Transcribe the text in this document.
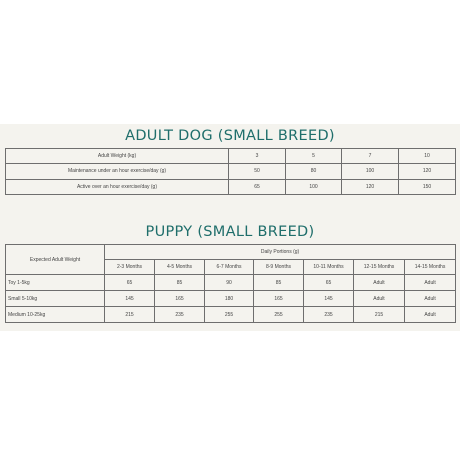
ADULT DOG (SMALL BREED)
Adult Weight (kg)	3	5	7	10
Maintenance under an hour exercise/day (g)	50	80	100	120
Active over an hour exercise/day (g)	65	100	120	150
PUPPY (SMALL BREED)
Expected Adult Weight	Daily Portions (g)						
	2-3 Months	4-5 Months	6-7 Months	8-9 Months	10-11 Months	12-15 Months	14-15 Months
Toy 1-5kg	65	85	90	85	65	Adult	Adult
Small 5-10kg	145	165	180	165	145	Adult	Adult
Medium 10-25kg	215	235	255	255	235	215	Adult
